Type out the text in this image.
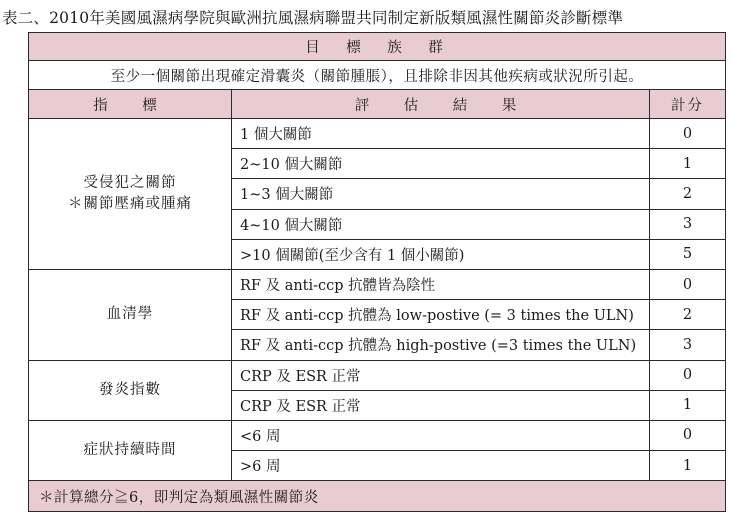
表二、2010年美國風濕病學院與歐洲抗風濕病聯盟共同制定新版類風濕性關節炎診斷標準
目　標　族　群		
至少一個關節出現確定滑囊炎（關節腫脹），且排除非因其他疾病或狀況所引起。		
指　標	評　估　結　果	計分

受侵犯之關節
＊關節壓痛或腫痛	1 個大關節	0
	2~10 個大關節	1
	1~3 個大關節	2
	4~10 個大關節	3
	>10 個關節(至少含有 1 個小關節)	5

血清學	RF 及 anti-ccp 抗體皆為陰性	0
	RF 及 anti-ccp 抗體為 low-postive (= 3 times the ULN)	2
	RF 及 anti-ccp 抗體為 high-postive (=3 times the ULN)	3

發炎指數	CRP 及 ESR 正常	0
	CRP 及 ESR 正常	1

症狀持續時間	<6 周	0
	>6 周	1
＊計算總分≧6，即判定為類風濕性關節炎		
